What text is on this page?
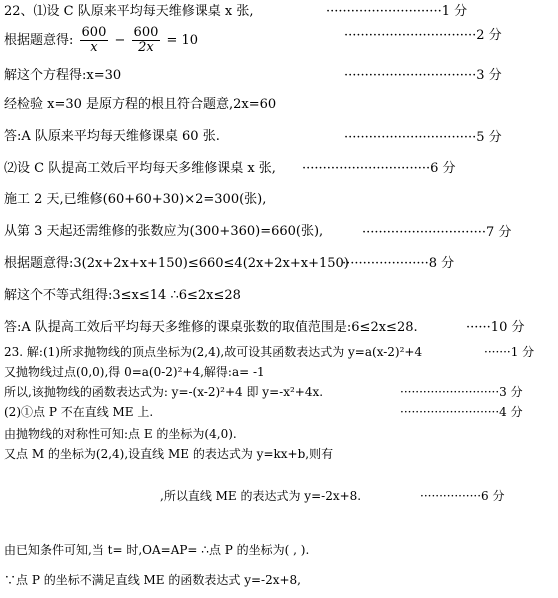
22、⑴设 C 队原来平均每天维修课桌 x 张,	····························1 分
根据题意得: $\frac{600}{x} - \frac{600}{2x} = 10$	································2 分
解这个方程得:x=30	································3 分
经检验 x=30 是原方程的根且符合题意,2x=60
答:A 队原来平均每天维修课桌 60 张.	································5 分
⑵设 C 队提高工效后平均每天多维修课桌 x 张, ·······························6 分
施工 2 天,已维修(60+60+30)×2=300(张),
从第 3 天起还需维修的张数应为(300+360)=660(张),	······························7 分
根据题意得:3(2x+2x+x+150)≤660≤4(2x+2x+x+150)
·····················8 分
解这个不等式组得:3≤x≤14 ∴6≤2x≤28
答:A 队提高工效后平均每天多维修的课桌张数的取值范围是:6≤2x≤28.	······10 分
23. 解:(1)所求抛物线的顶点坐标为(2,4),故可设其函数表达式为 y=a(x-2)²+4	·······1 分
又抛物线过点(0,0),得 0=a(0-2)²+4,解得:a= -1
所以,该抛物线的函数表达式为: y=-(x-2)²+4 即 y=-x²+4x.	··························3 分
(2)①点 P 不在直线 ME 上.	··························4 分
由抛物线的对称性可知:点 E 的坐标为(4,0).
又点 M 的坐标为(2,4),设直线 ME 的表达式为 y=kx+b,则有
,所以直线 ME 的表达式为 y=-2x+8.	················6 分
由已知条件可知,当 t= 时,OA=AP= ∴点 P 的坐标为( , ).
∵点 P 的坐标不满足直线 ME 的函数表达式 y=-2x+8,
